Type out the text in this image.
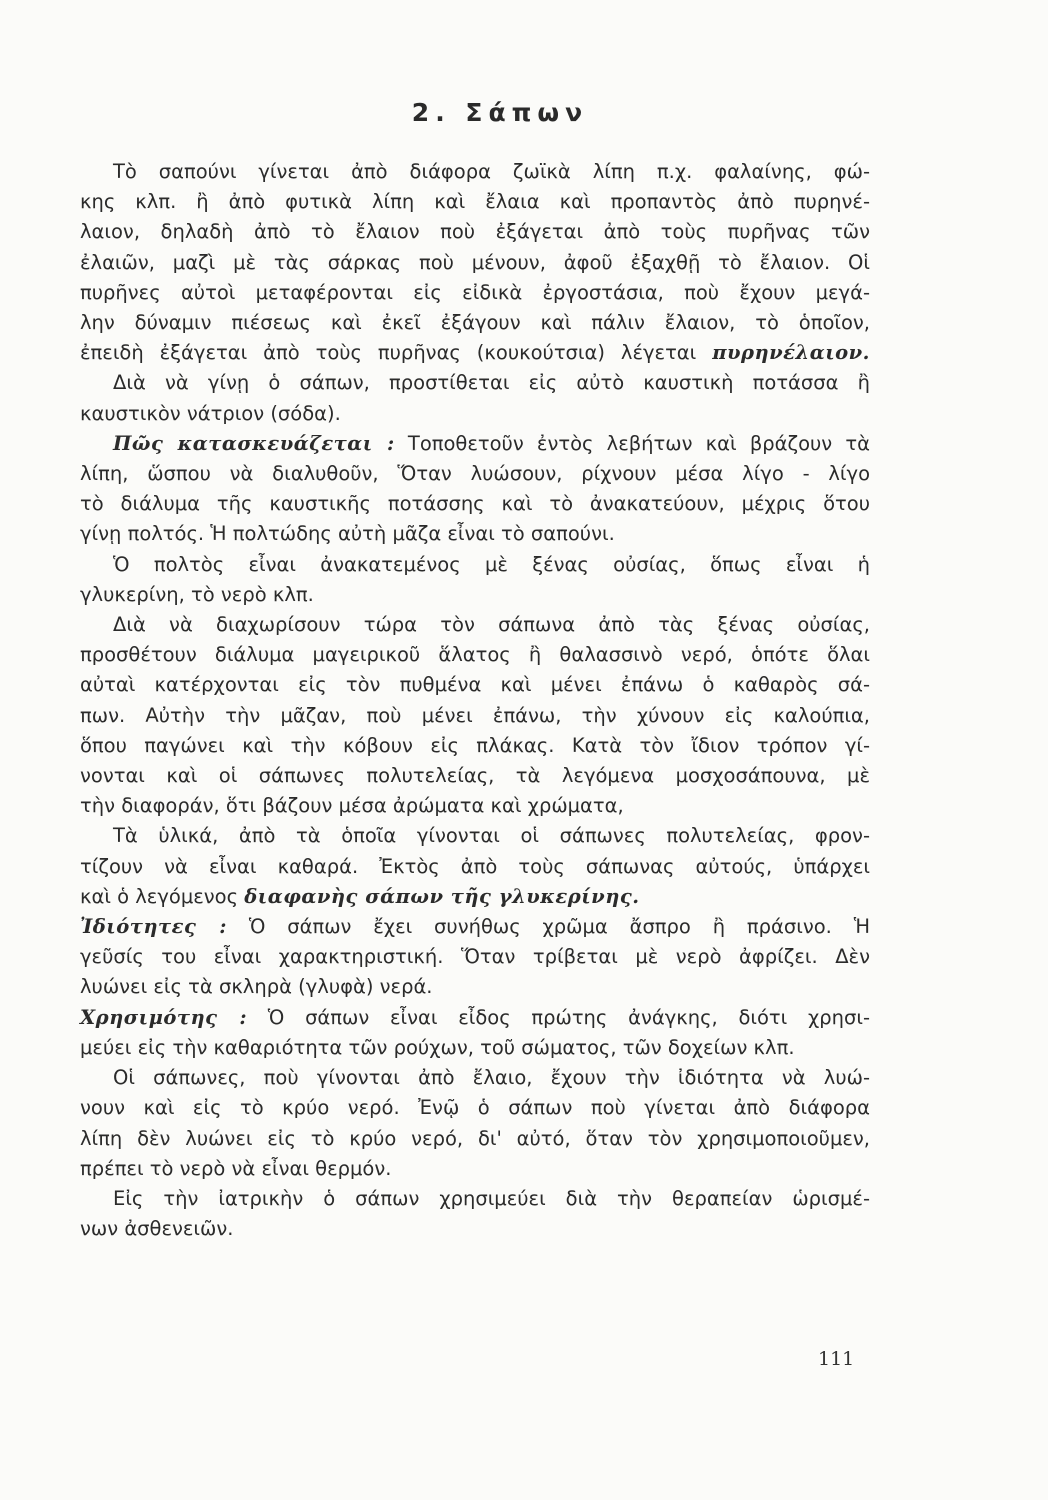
2. Σάπων
Τὸ σαπούνι γίνεται ἀπὸ διάφορα ζωϊκὰ λίπη π.χ. φαλαίνης, φώ-
κης κλπ. ἢ ἀπὸ φυτικὰ λίπη καὶ ἔλαια καὶ προπαντὸς ἀπὸ πυρηνέ-
λαιον, δηλαδὴ ἀπὸ τὸ ἔλαιον ποὺ ἐξάγεται ἀπὸ τοὺς πυρῆνας τῶν
ἐλαιῶν, μαζὶ μὲ τὰς σάρκας ποὺ μένουν, ἀφοῦ ἐξαχθῇ τὸ ἔλαιον. Οἱ
πυρῆνες αὐτοὶ μεταφέρονται εἰς εἰδικὰ ἐργοστάσια, ποὺ ἔχουν μεγά-
λην δύναμιν πιέσεως καὶ ἐκεῖ ἐξάγουν καὶ πάλιν ἔλαιον, τὸ ὁποῖον,
ἐπειδὴ ἐξάγεται ἀπὸ τοὺς πυρῆνας (κουκούτσια) λέγεται πυρηνέλαιον.
Διὰ νὰ γίνῃ ὁ σάπων, προστίθεται εἰς αὐτὸ καυστικὴ ποτάσσα ἢ
καυστικὸν νάτριον (σόδα).
Πῶς κατασκευάζεται : Τοποθετοῦν ἐντὸς λεβήτων καὶ βράζουν τὰ
λίπη, ὥσπου νὰ διαλυθοῦν, Ὅταν λυώσουν, ρίχνουν μέσα λίγο - λίγο
τὸ διάλυμα τῆς καυστικῆς ποτάσσης καὶ τὸ ἀνακατεύουν, μέχρις ὅτου
γίνῃ πολτός. Ἡ πολτώδης αὐτὴ μᾶζα εἶναι τὸ σαπούνι.
Ὁ πολτὸς εἶναι ἀνακατεμένος μὲ ξένας οὐσίας, ὅπως εἶναι ἡ
γλυκερίνη, τὸ νερὸ κλπ.
Διὰ νὰ διαχωρίσουν τώρα τὸν σάπωνα ἀπὸ τὰς ξένας οὐσίας,
προσθέτουν διάλυμα μαγειρικοῦ ἅλατος ἢ θαλασσινὸ νερό, ὁπότε ὅλαι
αὐταὶ κατέρχονται εἰς τὸν πυθμένα καὶ μένει ἐπάνω ὁ καθαρὸς σά-
πων. Αὐτὴν τὴν μᾶζαν, ποὺ μένει ἐπάνω, τὴν χύνουν εἰς καλούπια,
ὅπου παγώνει καὶ τὴν κόβουν εἰς πλάκας. Κατὰ τὸν ἴδιον τρόπον γί-
νονται καὶ οἱ σάπωνες πολυτελείας, τὰ λεγόμενα μοσχοσάπουνα, μὲ
τὴν διαφοράν, ὅτι βάζουν μέσα ἀρώματα καὶ χρώματα,
Τὰ ὑλικά, ἀπὸ τὰ ὁποῖα γίνονται οἱ σάπωνες πολυτελείας, φρον-
τίζουν νὰ εἶναι καθαρά. Ἐκτὸς ἀπὸ τοὺς σάπωνας αὐτούς, ὑπάρχει
καὶ ὁ λεγόμενος διαφανὴς σάπων τῆς γλυκερίνης.
Ἰδιότητες : Ὁ σάπων ἔχει συνήθως χρῶμα ἄσπρο ἢ πράσινο. Ἡ
γεῦσίς του εἶναι χαρακτηριστική. Ὅταν τρίβεται μὲ νερὸ ἀφρίζει. Δὲν
λυώνει εἰς τὰ σκληρὰ (γλυφὰ) νερά.
Χρησιμότης : Ὁ σάπων εἶναι εἶδος πρώτης ἀνάγκης, διότι χρησι-
μεύει εἰς τὴν καθαριότητα τῶν ρούχων, τοῦ σώματος, τῶν δοχείων κλπ.
Οἱ σάπωνες, ποὺ γίνονται ἀπὸ ἔλαιο, ἔχουν τὴν ἰδιότητα νὰ λυώ-
νουν καὶ εἰς τὸ κρύο νερό. Ἐνῷ ὁ σάπων ποὺ γίνεται ἀπὸ διάφορα
λίπη δὲν λυώνει εἰς τὸ κρύο νερό, δι' αὐτό, ὅταν τὸν χρησιμοποιοῦμεν,
πρέπει τὸ νερὸ νὰ εἶναι θερμόν.
Εἰς τὴν ἰατρικὴν ὁ σάπων χρησιμεύει διὰ τὴν θεραπείαν ὡρισμέ-
νων ἀσθενειῶν.
111
